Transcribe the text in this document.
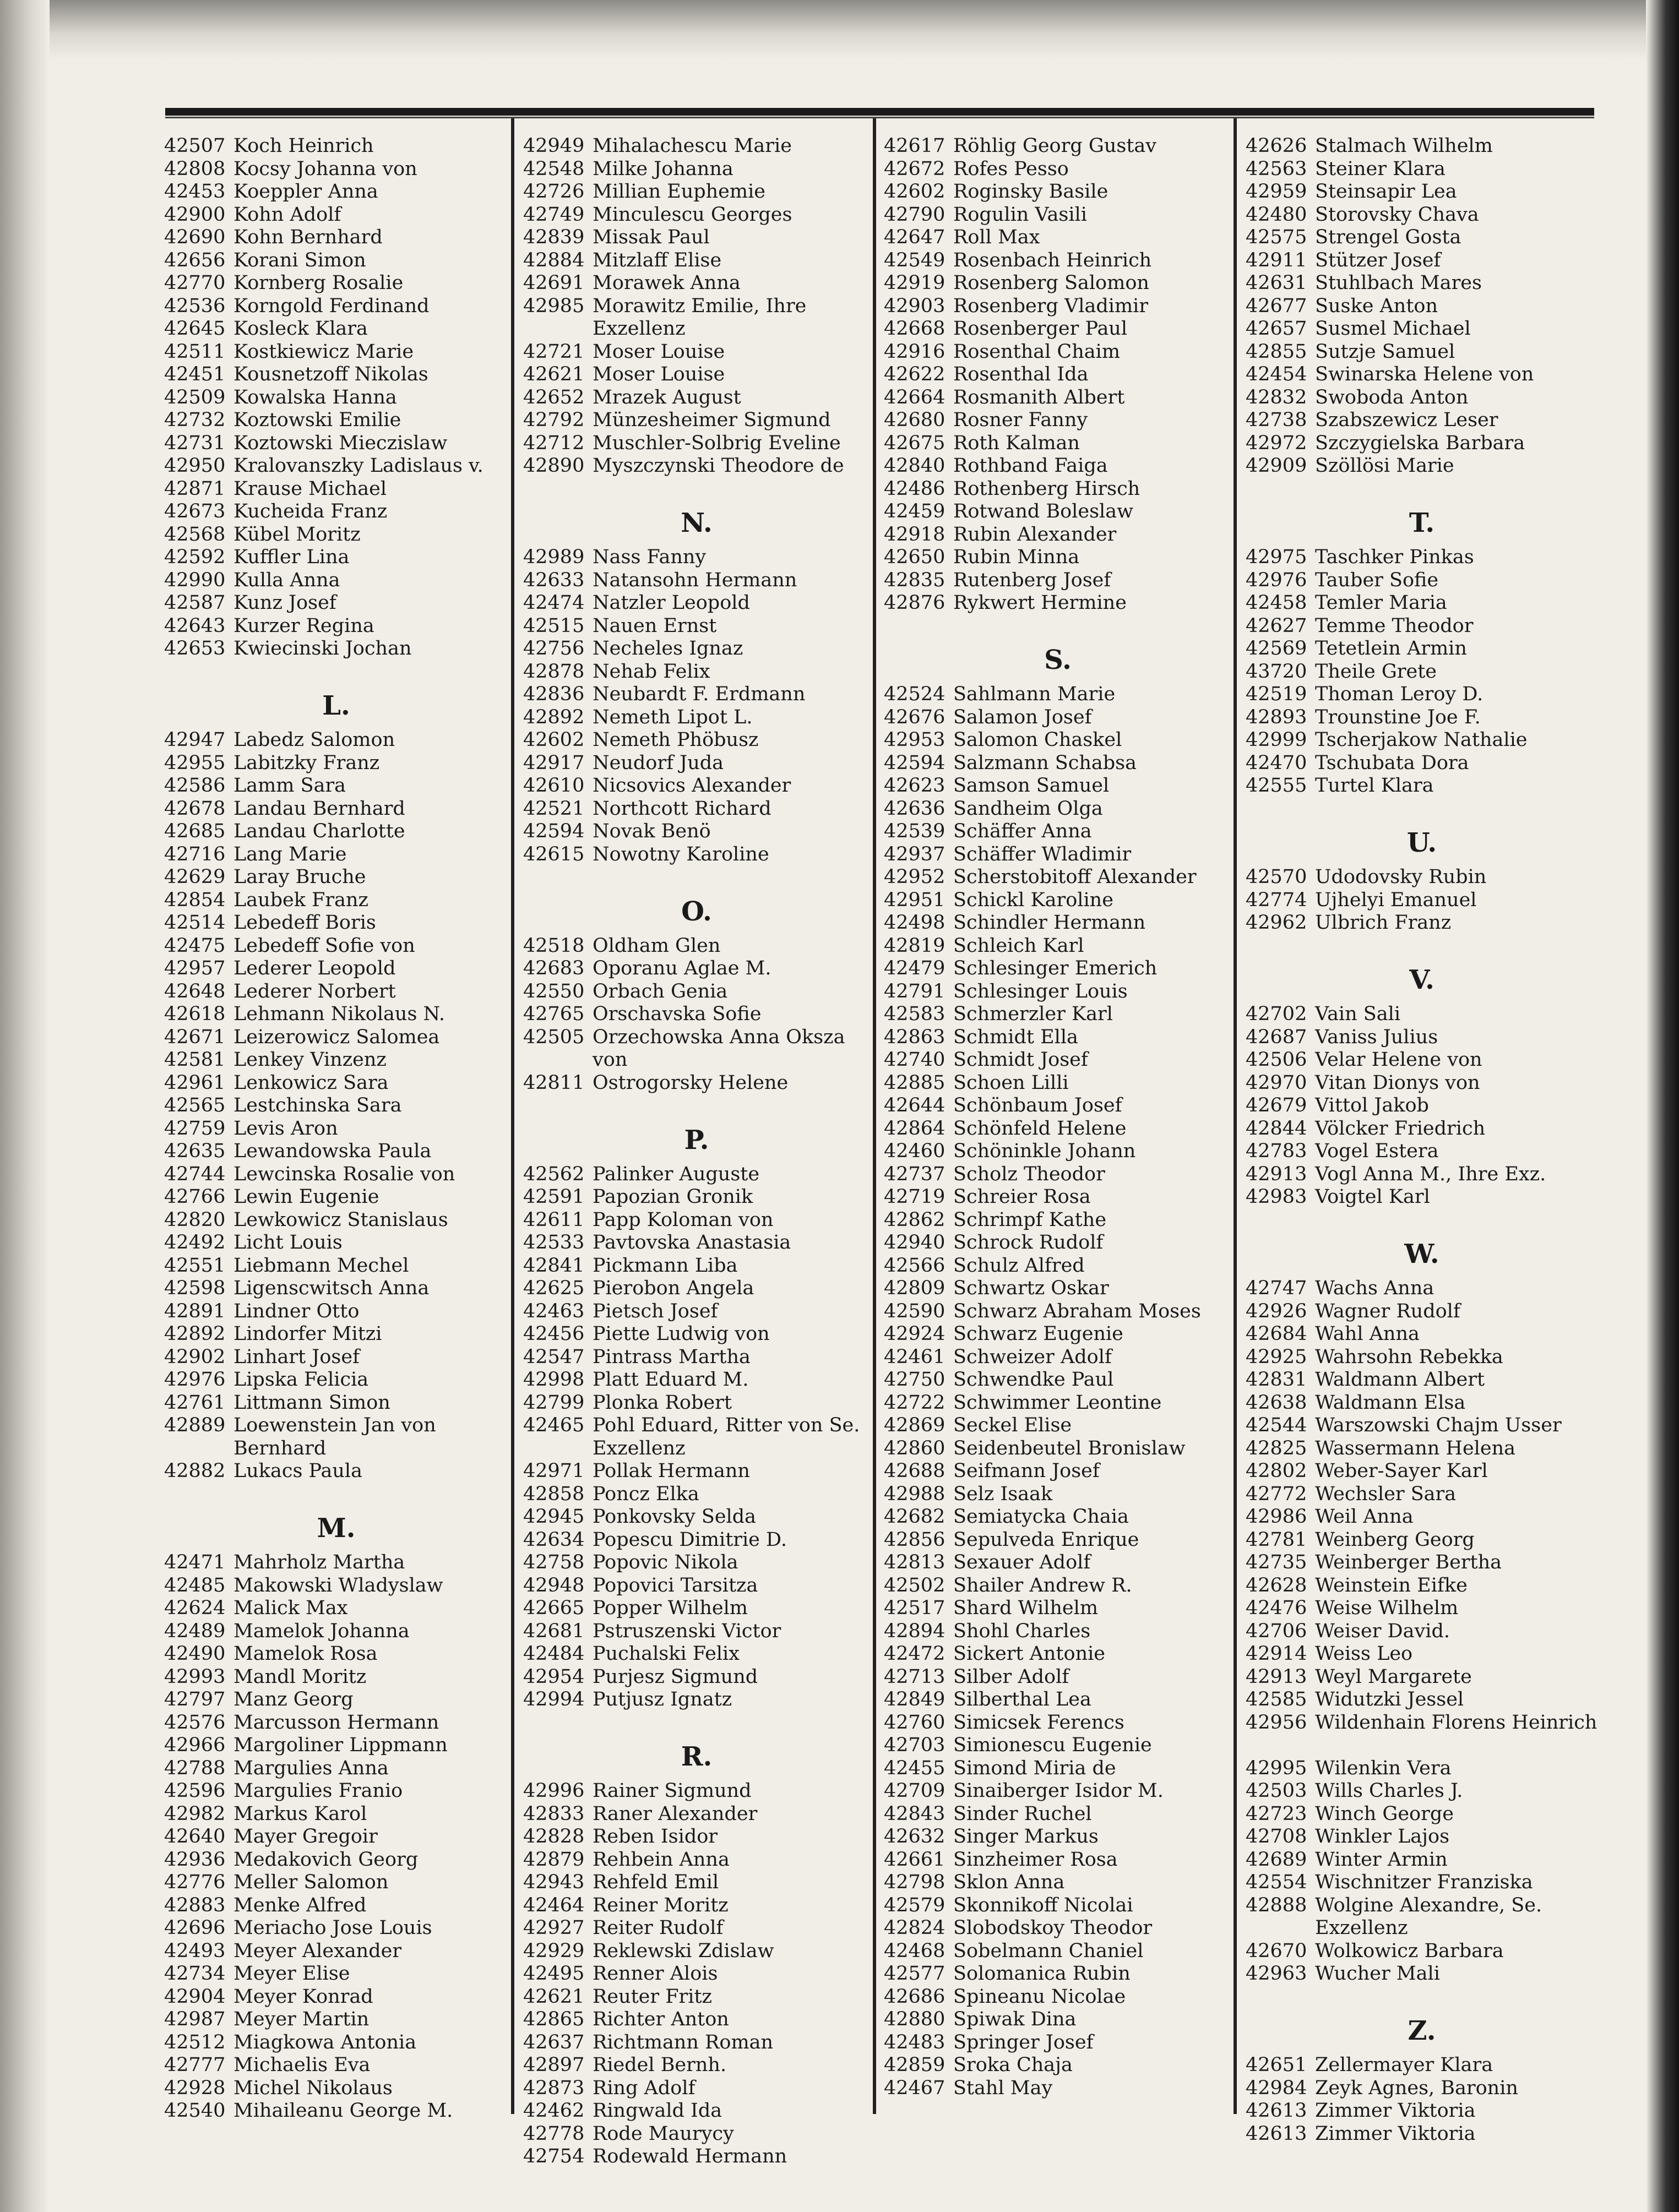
42507 Koch Heinrich
42808 Kocsy Johanna von
42453 Koeppler Anna
42900 Kohn Adolf
42690 Kohn Bernhard
42656 Korani Simon
42770 Kornberg Rosalie
42536 Korngold Ferdinand
42645 Kosleck Klara
42511 Kostkiewicz Marie
42451 Kousnetzoff Nikolas
42509 Kowalska Hanna
42732 Koztowski Emilie
42731 Koztowski Mieczislaw
42950 Kralovanszky Ladislaus v.
42871 Krause Michael
42673 Kucheida Franz
42568 Kübel Moritz
42592 Kuffler Lina
42990 Kulla Anna
42587 Kunz Josef
42643 Kurzer Regina
42653 Kwiecinski Jochan
L.
42947 Labedz Salomon
42955 Labitzky Franz
42586 Lamm Sara
42678 Landau Bernhard
42685 Landau Charlotte
42716 Lang Marie
42629 Laray Bruche
42854 Laubek Franz
42514 Lebedeff Boris
42475 Lebedeff Sofie von
42957 Lederer Leopold
42648 Lederer Norbert
42618 Lehmann Nikolaus N.
42671 Leizerowicz Salomea
42581 Lenkey Vinzenz
42961 Lenkowicz Sara
42565 Lestchinska Sara
42759 Levis Aron
42635 Lewandowska Paula
42744 Lewcinska Rosalie von
42766 Lewin Eugenie
42820 Lewkowicz Stanislaus
42492 Licht Louis
42551 Liebmann Mechel
42598 Ligenscwitsch Anna
42891 Lindner Otto
42892 Lindorfer Mitzi
42902 Linhart Josef
42976 Lipska Felicia
42761 Littmann Simon
42889 Loewenstein Jan von Bernhard
42882 Lukacs Paula
M.
42471 Mahrholz Martha
42485 Makowski Wladyslaw
42624 Malick Max
42489 Mamelok Johanna
42490 Mamelok Rosa
42993 Mandl Moritz
42797 Manz Georg
42576 Marcusson Hermann
42966 Margoliner Lippmann
42788 Margulies Anna
42596 Margulies Franio
42982 Markus Karol
42640 Mayer Gregoir
42936 Medakovich Georg
42776 Meller Salomon
42883 Menke Alfred
42696 Meriacho Jose Louis
42493 Meyer Alexander
42734 Meyer Elise
42904 Meyer Konrad
42987 Meyer Martin
42512 Miagkowa Antonia
42777 Michaelis Eva
42928 Michel Nikolaus
42540 Mihaileanu George M.
42949 Mihalachescu Marie
42548 Milke Johanna
42726 Millian Euphemie
42749 Minculescu Georges
42839 Missak Paul
42884 Mitzlaff Elise
42691 Morawek Anna
42985 Morawitz Emilie, Ihre Exzellenz
42721 Moser Louise
42621 Moser Louise
42652 Mrazek August
42792 Münzesheimer Sigmund
42712 Muschler-Solbrig Eveline
42890 Myszczynski Theodore de
N.
42989 Nass Fanny
42633 Natansohn Hermann
42474 Natzler Leopold
42515 Nauen Ernst
42756 Necheles Ignaz
42878 Nehab Felix
42836 Neubardt F. Erdmann
42892 Nemeth Lipot L.
42602 Nemeth Phöbusz
42917 Neudorf Juda
42610 Nicsovics Alexander
42521 Northcott Richard
42594 Novak Benö
42615 Nowotny Karoline
O.
42518 Oldham Glen
42683 Oporanu Aglae M.
42550 Orbach Genia
42765 Orschavska Sofie
42505 Orzechowska Anna Oksza von
42811 Ostrogorsky Helene
P.
42562 Palinker Auguste
42591 Papozian Gronik
42611 Papp Koloman von
42533 Pavtovska Anastasia
42841 Pickmann Liba
42625 Pierobon Angela
42463 Pietsch Josef
42456 Piette Ludwig von
42547 Pintrass Martha
42998 Platt Eduard M.
42799 Plonka Robert
42465 Pohl Eduard, Ritter von Se. Exzellenz
42971 Pollak Hermann
42858 Poncz Elka
42945 Ponkovsky Selda
42634 Popescu Dimitrie D.
42758 Popovic Nikola
42948 Popovici Tarsitza
42665 Popper Wilhelm
42681 Pstruszenski Victor
42484 Puchalski Felix
42954 Purjesz Sigmund
42994 Putjusz Ignatz
R.
42996 Rainer Sigmund
42833 Raner Alexander
42828 Reben Isidor
42879 Rehbein Anna
42943 Rehfeld Emil
42464 Reiner Moritz
42927 Reiter Rudolf
42929 Reklewski Zdislaw
42495 Renner Alois
42621 Reuter Fritz
42865 Richter Anton
42637 Richtmann Roman
42897 Riedel Bernh.
42873 Ring Adolf
42462 Ringwald Ida
42778 Rode Maurycy
42754 Rodewald Hermann
42617 Röhlig Georg Gustav
42672 Rofes Pesso
42602 Roginsky Basile
42790 Rogulin Vasili
42647 Roll Max
42549 Rosenbach Heinrich
42919 Rosenberg Salomon
42903 Rosenberg Vladimir
42668 Rosenberger Paul
42916 Rosenthal Chaim
42622 Rosenthal Ida
42664 Rosmanith Albert
42680 Rosner Fanny
42675 Roth Kalman
42840 Rothband Faiga
42486 Rothenberg Hirsch
42459 Rotwand Boleslaw
42918 Rubin Alexander
42650 Rubin Minna
42835 Rutenberg Josef
42876 Rykwert Hermine
S.
42524 Sahlmann Marie
42676 Salamon Josef
42953 Salomon Chaskel
42594 Salzmann Schabsa
42623 Samson Samuel
42636 Sandheim Olga
42539 Schäffer Anna
42937 Schäffer Wladimir
42952 Scherstobitoff Alexander
42951 Schickl Karoline
42498 Schindler Hermann
42819 Schleich Karl
42479 Schlesinger Emerich
42791 Schlesinger Louis
42583 Schmerzler Karl
42863 Schmidt Ella
42740 Schmidt Josef
42885 Schoen Lilli
42644 Schönbaum Josef
42864 Schönfeld Helene
42460 Schöninkle Johann
42737 Scholz Theodor
42719 Schreier Rosa
42862 Schrimpf Kathe
42940 Schrock Rudolf
42566 Schulz Alfred
42809 Schwartz Oskar
42590 Schwarz Abraham Moses
42924 Schwarz Eugenie
42461 Schweizer Adolf
42750 Schwendke Paul
42722 Schwimmer Leontine
42869 Seckel Elise
42860 Seidenbeutel Bronislaw
42688 Seifmann Josef
42988 Selz Isaak
42682 Semiatycka Chaia
42856 Sepulveda Enrique
42813 Sexauer Adolf
42502 Shailer Andrew R.
42517 Shard Wilhelm
42894 Shohl Charles
42472 Sickert Antonie
42713 Silber Adolf
42849 Silberthal Lea
42760 Simicsek Ferencs
42703 Simionescu Eugenie
42455 Simond Miria de
42709 Sinaiberger Isidor M.
42843 Sinder Ruchel
42632 Singer Markus
42661 Sinzheimer Rosa
42798 Sklon Anna
42579 Skonnikoff Nicolai
42824 Slobodskoy Theodor
42468 Sobelmann Chaniel
42577 Solomanica Rubin
42686 Spineanu Nicolae
42880 Spiwak Dina
42483 Springer Josef
42859 Sroka Chaja
42467 Stahl May
42626 Stalmach Wilhelm
42563 Steiner Klara
42959 Steinsapir Lea
42480 Storovsky Chava
42575 Strengel Gosta
42911 Stützer Josef
42631 Stuhlbach Mares
42677 Suske Anton
42657 Susmel Michael
42855 Sutzje Samuel
42454 Swinarska Helene von
42832 Swoboda Anton
42738 Szabszewicz Leser
42972 Szczygielska Barbara
42909 Szöllösi Marie
T.
42975 Taschker Pinkas
42976 Tauber Sofie
42458 Temler Maria
42627 Temme Theodor
42569 Tetetlein Armin
43720 Theile Grete
42519 Thoman Leroy D.
42893 Trounstine Joe F.
42999 Tscherjakow Nathalie
42470 Tschubata Dora
42555 Turtel Klara
U.
42570 Udodovsky Rubin
42774 Ujhelyi Emanuel
42962 Ulbrich Franz
V.
42702 Vain Sali
42687 Vaniss Julius
42506 Velar Helene von
42970 Vitan Dionys von
42679 Vittol Jakob
42844 Völcker Friedrich
42783 Vogel Estera
42913 Vogl Anna M., Ihre Exz.
42983 Voigtel Karl
W.
42747 Wachs Anna
42926 Wagner Rudolf
42684 Wahl Anna
42925 Wahrsohn Rebekka
42831 Waldmann Albert
42638 Waldmann Elsa
42544 Warszowski Chajm Usser
42825 Wassermann Helena
42802 Weber-Sayer Karl
42772 Wechsler Sara
42986 Weil Anna
42781 Weinberg Georg
42735 Weinberger Bertha
42628 Weinstein Eifke
42476 Weise Wilhelm
42706 Weiser David.
42914 Weiss Leo
42913 Weyl Margarete
42585 Widutzki Jessel
42956 Wildenhain Florens Heinrich
42995 Wilenkin Vera
42503 Wills Charles J.
42723 Winch George
42708 Winkler Lajos
42689 Winter Armin
42554 Wischnitzer Franziska
42888 Wolgine Alexandre, Se. Exzellenz
42670 Wolkowicz Barbara
42963 Wucher Mali
Z.
42651 Zellermayer Klara
42984 Zeyk Agnes, Baronin
42613 Zimmer Viktoria
42613 Zimmer Viktoria
